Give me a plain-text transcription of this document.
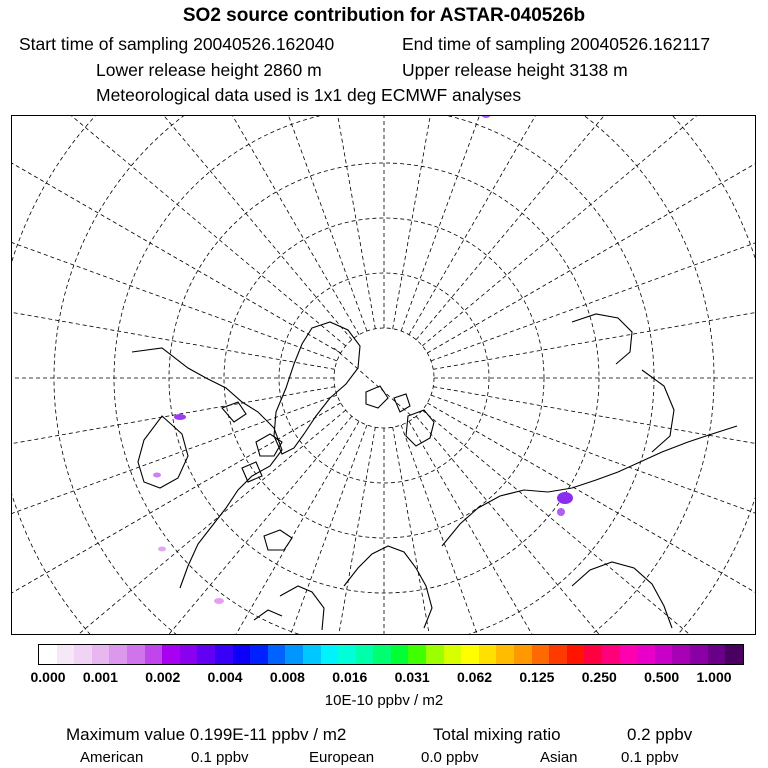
SO2 source contribution for ASTAR-040526b
Start time of sampling 20040526.162040	End time of sampling 20040526.162117
Lower release height 2860 m	Upper release height 3138 m
Meteorological data used is 1x1 deg ECMWF analyses
0.000 0.001 0.002 0.004 0.008 0.016 0.031 0.062 0.125 0.250 0.500 1.000
10E-10 ppbv / m2
Maximum value 0.199E-11 ppbv / m2	Total mixing ratio	0.2 ppbv
American	0.1 ppbv	European	0.0 ppbv	Asian	0.1 ppbv
